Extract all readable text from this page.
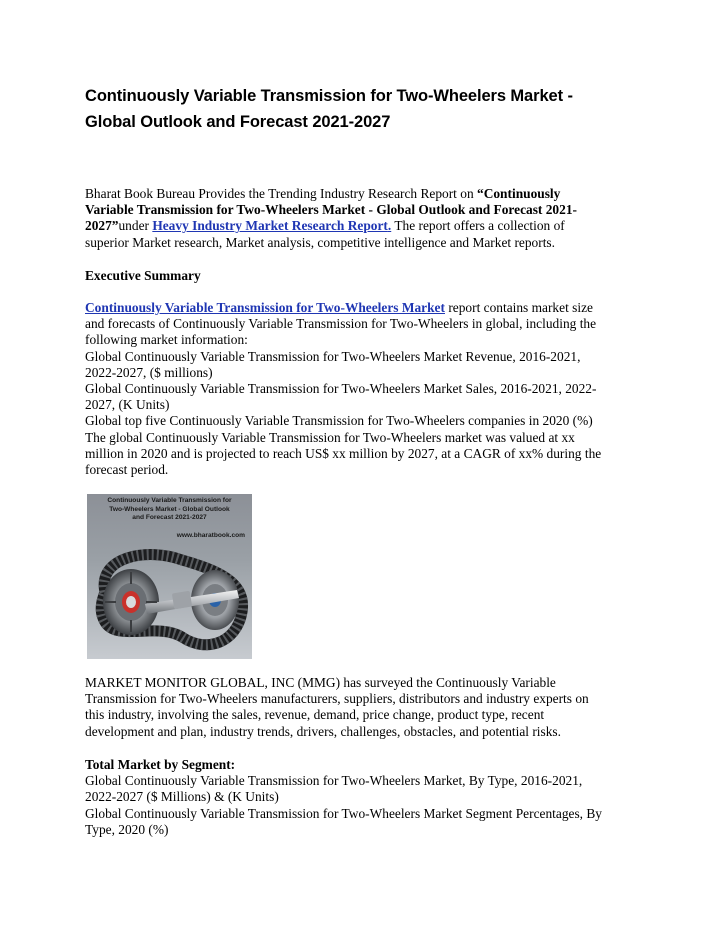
Continuously Variable Transmission for Two-Wheelers Market -
Global Outlook and Forecast 2021-2027

Bharat Book Bureau Provides the Trending Industry Research Report on “Continuously
Variable Transmission for Two-Wheelers Market - Global Outlook and Forecast 2021-
2027”under Heavy Industry Market Research Report. The report offers a collection of
superior Market research, Market analysis, competitive intelligence and Market reports.

Executive Summary

Continuously Variable Transmission for Two-Wheelers Market report contains market size
and forecasts of Continuously Variable Transmission for Two-Wheelers in global, including the
following market information:
Global Continuously Variable Transmission for Two-Wheelers Market Revenue, 2016-2021,
2022-2027, ($ millions)
Global Continuously Variable Transmission for Two-Wheelers Market Sales, 2016-2021, 2022-
2027, (K Units)
Global top five Continuously Variable Transmission for Two-Wheelers companies in 2020 (%)
The global Continuously Variable Transmission for Two-Wheelers market was valued at xx
million in 2020 and is projected to reach US$ xx million by 2027, at a CAGR of xx% during the
forecast period.

Continuously Variable Transmission for
Two-Wheelers Market - Global Outlook
and Forecast 2021-2027
www.bharatbook.com

MARKET MONITOR GLOBAL, INC (MMG) has surveyed the Continuously Variable
Transmission for Two-Wheelers manufacturers, suppliers, distributors and industry experts on
this industry, involving the sales, revenue, demand, price change, product type, recent
development and plan, industry trends, drivers, challenges, obstacles, and potential risks.

Total Market by Segment:
Global Continuously Variable Transmission for Two-Wheelers Market, By Type, 2016-2021,
2022-2027 ($ Millions) & (K Units)
Global Continuously Variable Transmission for Two-Wheelers Market Segment Percentages, By
Type, 2020 (%)
